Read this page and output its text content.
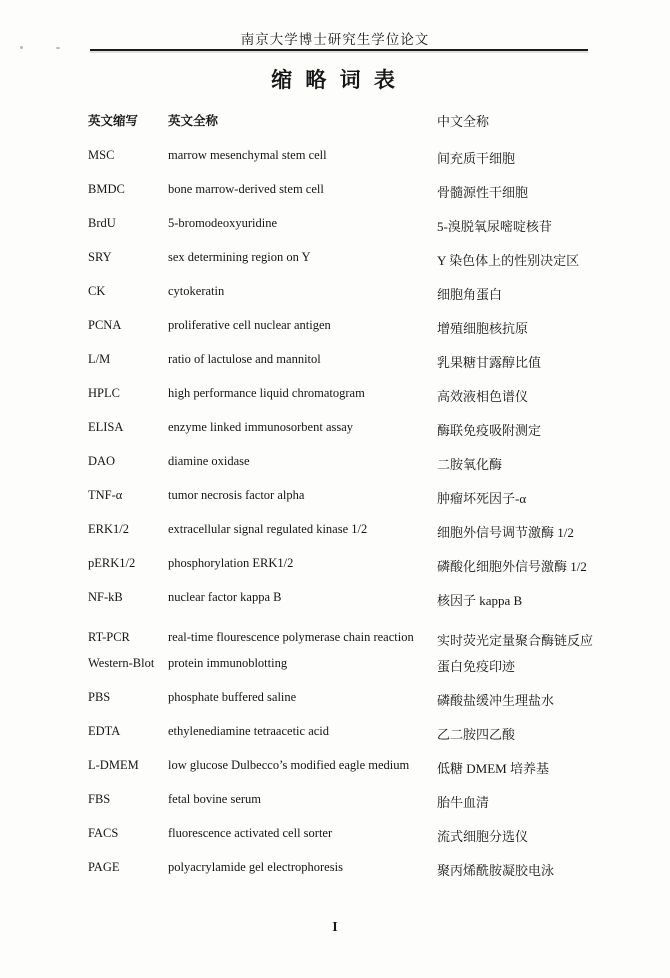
南京大学博士研究生学位论文
缩 略 词 表
英文缩写	英文全称	中文全称
MSC	marrow mesenchymal stem cell	间充质干细胞
BMDC	bone marrow-derived stem cell	骨髓源性干细胞
BrdU	5-bromodeoxyuridine	5-溴脱氧尿嘧啶核苷
SRY	sex determining region on Y	Y 染色体上的性别决定区
CK	cytokeratin	细胞角蛋白
PCNA	proliferative cell nuclear antigen	增殖细胞核抗原
L/M	ratio of lactulose and mannitol	乳果糖甘露醇比值
HPLC	high performance liquid chromatogram	高效液相色谱仪
ELISA	enzyme linked immunosorbent assay	酶联免疫吸附测定
DAO	diamine oxidase	二胺氧化酶
TNF-α	tumor necrosis factor alpha	肿瘤坏死因子-α
ERK1/2	extracellular signal regulated kinase 1/2	细胞外信号调节激酶 1/2
pERK1/2	phosphorylation ERK1/2	磷酸化细胞外信号激酶 1/2
NF-kB	nuclear factor kappa B	核因子 kappa B
RT-PCR	real-time flourescence polymerase chain reaction	实时荧光定量聚合酶链反应
Western-Blot	protein immunoblotting	蛋白免疫印迹
PBS	phosphate buffered saline	磷酸盐缓冲生理盐水
EDTA	ethylenediamine tetraacetic acid	乙二胺四乙酸
L-DMEM	low glucose Dulbecco’s modified eagle medium	低糖 DMEM 培养基
FBS	fetal bovine serum	胎牛血清
FACS	fluorescence activated cell sorter	流式细胞分选仪
PAGE	polyacrylamide gel electrophoresis	聚丙烯酰胺凝胶电泳
I
